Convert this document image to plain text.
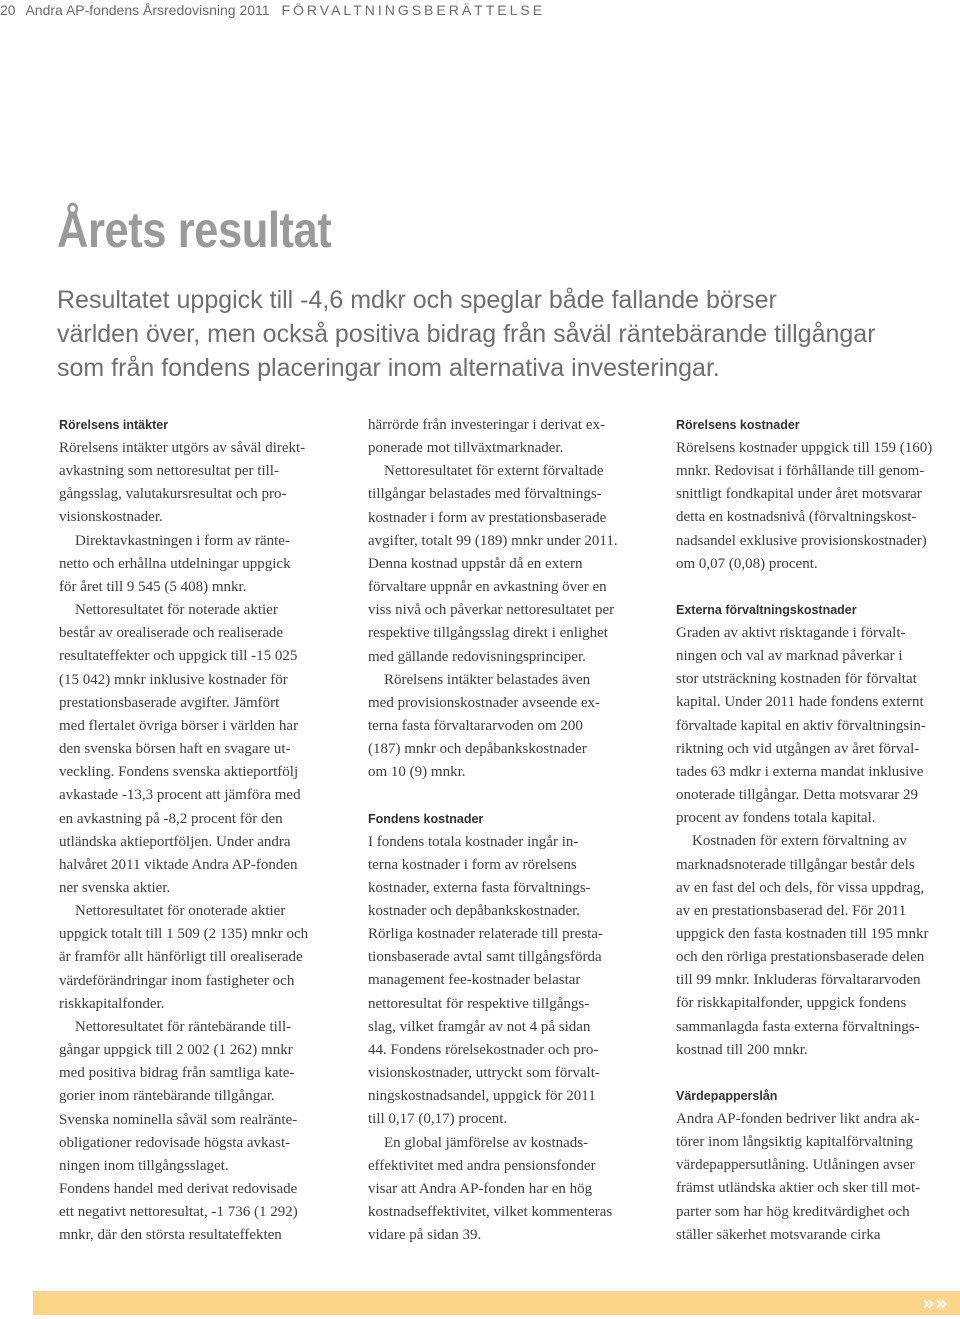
20 Andra AP-fondens Årsredovisning 2011 FÖRVALTNINGSBERÄTTELSE
Årets resultat

Resultatet uppgick till -4,6 mdkr och speglar både fallande börser
världen över, men också positiva bidrag från såväl räntebärande tillgångar
som från fondens placeringar inom alternativa investeringar.

Rörelsens intäkter

Rörelsens intäkter utgörs av såväl direkt-
avkastning som nettoresultat per till-
gångsslag, valutakursresultat och pro-
visionskostnader.

Direktavkastningen i form av ränte-
netto och erhållna utdelningar uppgick
för året till 9 545 (5 408) mnkr.

Nettoresultatet för noterade aktier
består av orealiserade och realiserade
resultateffekter och uppgick till -15 025
(15 042) mnkr inklusive kostnader för
prestationsbaserade avgifter. Jämfört
med flertalet övriga börser i världen har
den svenska börsen haft en svagare ut-
veckling. Fondens svenska aktieportfölj
avkastade -13,3 procent att jämföra med
en avkastning på -8,2 procent för den
utländska aktieportföljen. Under andra
halvåret 2011 viktade Andra AP-fonden
ner svenska aktier.

Nettoresultatet för onoterade aktier
uppgick totalt till 1 509 (2 135) mnkr och
är framför allt hänförligt till orealiserade
värdeförändringar inom fastigheter och
riskkapitalfonder.

Nettoresultatet för räntebärande till-
gångar uppgick till 2 002 (1 262) mnkr
med positiva bidrag från samtliga kate-
gorier inom räntebärande tillgångar.
Svenska nominella såväl som realränte-
obligationer redovisade högsta avkast-
ningen inom tillgångsslaget.
Fondens handel med derivat redovisade
ett negativt nettoresultat, -1 736 (1 292)
mnkr, där den största resultateffekten

härrörde från investeringar i derivat ex-
ponerade mot tillväxtmarknader.

Nettoresultatet för externt förvaltade
tillgångar belastades med förvaltnings-
kostnader i form av prestationsbaserade
avgifter, totalt 99 (189) mnkr under 2011.
Denna kostnad uppstår då en extern
förvaltare uppnår en avkastning över en
viss nivå och påverkar nettoresultatet per
respektive tillgångsslag direkt i enlighet
med gällande redovisningsprinciper.

Rörelsens intäkter belastades även
med provisionskostnader avseende ex-
terna fasta förvaltararvoden om 200
(187) mnkr och depåbankskostnader
om 10 (9) mnkr.

Fondens kostnader

I fondens totala kostnader ingår in-
terna kostnader i form av rörelsens
kostnader, externa fasta förvaltnings-
kostnader och depåbankskostnader.
Rörliga kostnader relaterade till presta-
tionsbaserade avtal samt tillgångsförda
management fee-kostnader belastar
nettoresultat för respektive tillgångs-
slag, vilket framgår av not 4 på sidan
44. Fondens rörelsekostnader och pro-
visionskostnader, uttryckt som förvalt-
ningskostnadsandel, uppgick för 2011
till 0,17 (0,17) procent.

En global jämförelse av kostnads-
effektivitet med andra pensionsfonder
visar att Andra AP-fonden har en hög
kostnadseffektivitet, vilket kommenteras
vidare på sidan 39.

Rörelsens kostnader

Rörelsens kostnader uppgick till 159 (160)
mnkr. Redovisat i förhållande till genom-
snittligt fondkapital under året motsvarar
detta en kostnadsnivå (förvaltningskost-
nadsandel exklusive provisionskostnader)
om 0,07 (0,08) procent.

Externa förvaltningskostnader

Graden av aktivt risktagande i förvalt-
ningen och val av marknad påverkar i
stor utsträckning kostnaden för förvaltat
kapital. Under 2011 hade fondens externt
förvaltade kapital en aktiv förvaltningsin-
riktning och vid utgången av året förval-
tades 63 mdkr i externa mandat inklusive
onoterade tillgångar. Detta motsvarar 29
procent av fondens totala kapital.

Kostnaden för extern förvaltning av
marknadsnoterade tillgångar består dels
av en fast del och dels, för vissa uppdrag,
av en prestationsbaserad del. För 2011
uppgick den fasta kostnaden till 195 mnkr
och den rörliga prestationsbaserade delen
till 99 mnkr. Inkluderas förvaltararvoden
för riskkapitalfonder, uppgick fondens
sammanlagda fasta externa förvaltnings-
kostnad till 200 mnkr.

Värdepapperslån

Andra AP-fonden bedriver likt andra ak-
törer inom långsiktig kapitalförvaltning
värdepappersutlåning. Utlåningen avser
främst utländska aktier och sker till mot-
parter som har hög kreditvärdighet och
ställer säkerhet motsvarande cirka

»»
